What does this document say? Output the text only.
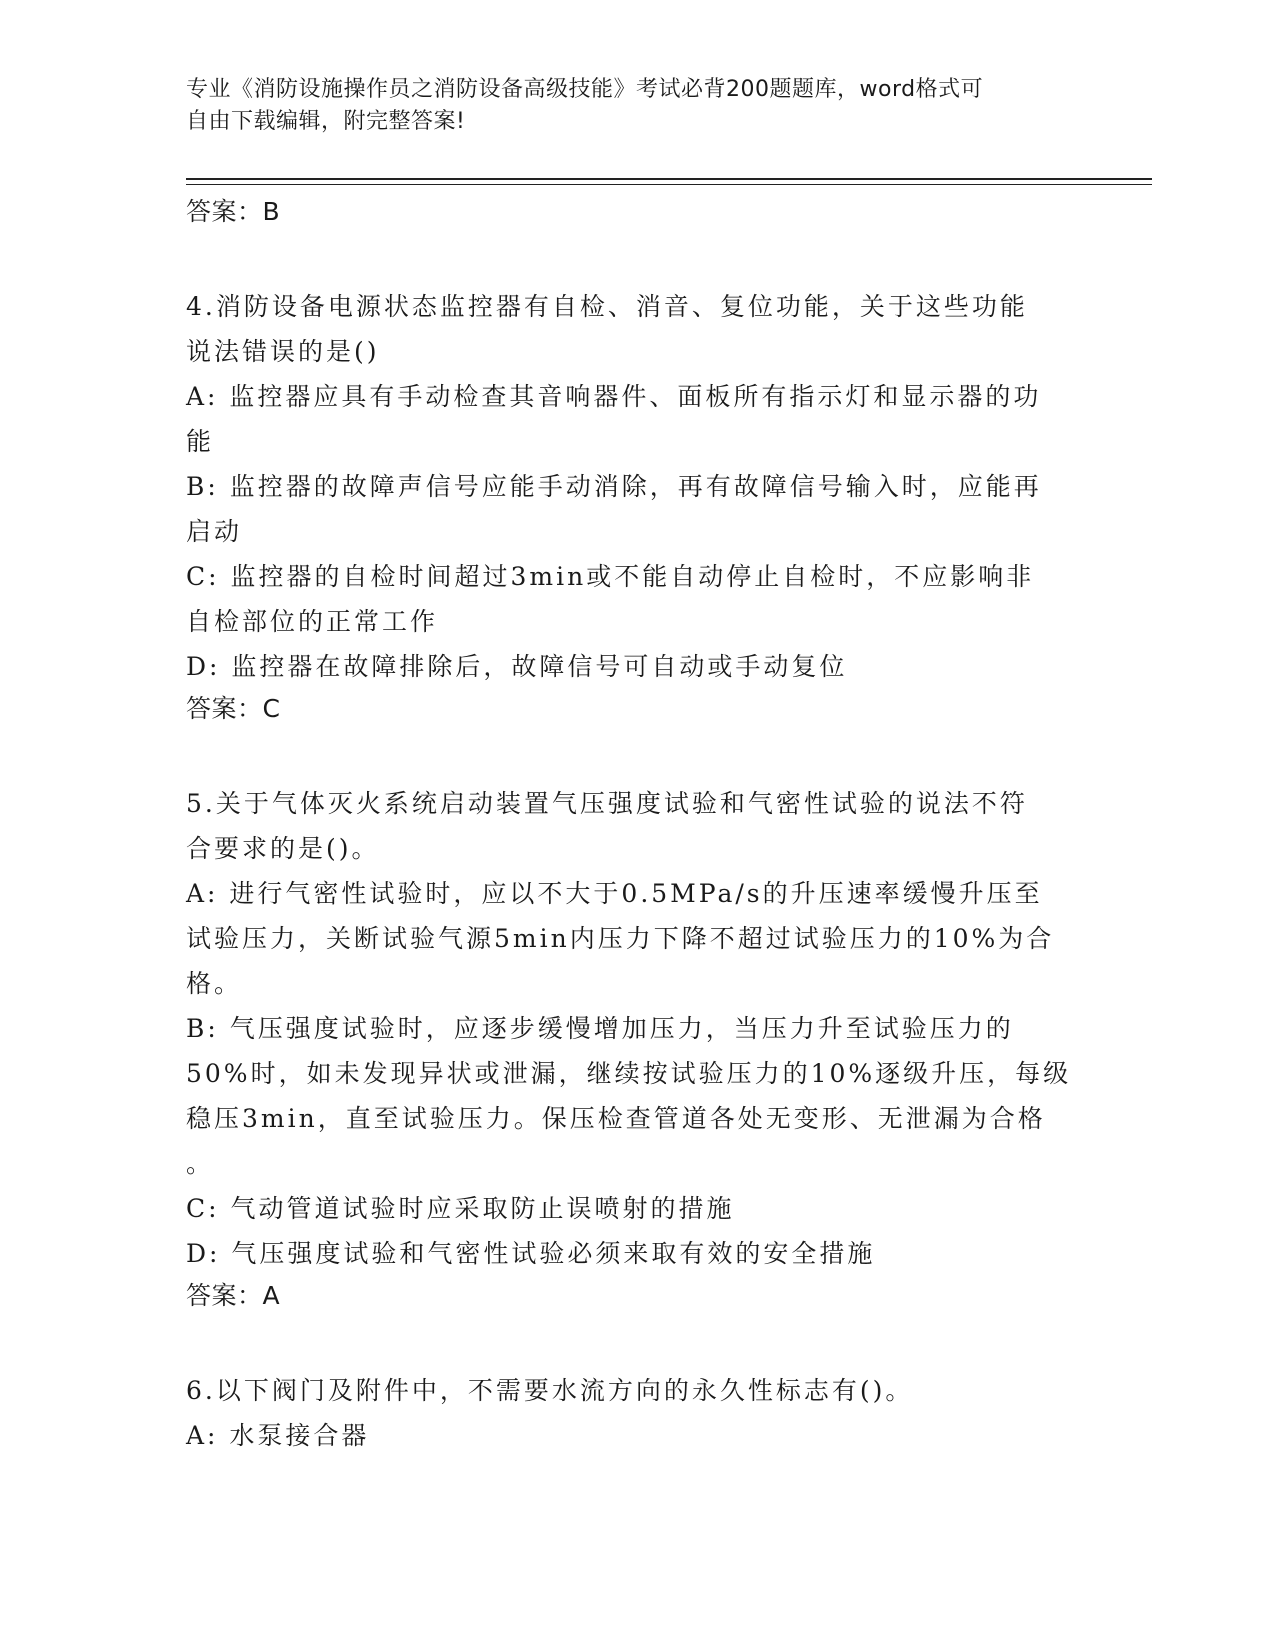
专业《消防设施操作员之消防设备高级技能》考试必背200题题库，word格式可
自由下载编辑，附完整答案!

答案：B

4.消防设备电源状态监控器有自检、消音、复位功能，关于这些功能

说法错误的是()

A: 监控器应具有手动检查其音响器件、面板所有指示灯和显示器的功

能

B: 监控器的故障声信号应能手动消除，再有故障信号输入时，应能再

启动

C: 监控器的自检时间超过3min或不能自动停止自检时，不应影响非

自检部位的正常工作

D: 监控器在故障排除后，故障信号可自动或手动复位

答案：C

5.关于气体灭火系统启动装置气压强度试验和气密性试验的说法不符

合要求的是()。

A: 进行气密性试验时，应以不大于0.5MPa/s的升压速率缓慢升压至

试验压力，关断试验气源5min内压力下降不超过试验压力的10%为合

格。

B: 气压强度试验时，应逐步缓慢增加压力，当压力升至试验压力的

50%时，如未发现异状或泄漏，继续按试验压力的10%逐级升压，每级

稳压3min，直至试验压力。保压检查管道各处无变形、无泄漏为合格

。

C: 气动管道试验时应采取防止误喷射的措施

D: 气压强度试验和气密性试验必须来取有效的安全措施

答案：A

6.以下阀门及附件中，不需要水流方向的永久性标志有()。

A: 水泵接合器
